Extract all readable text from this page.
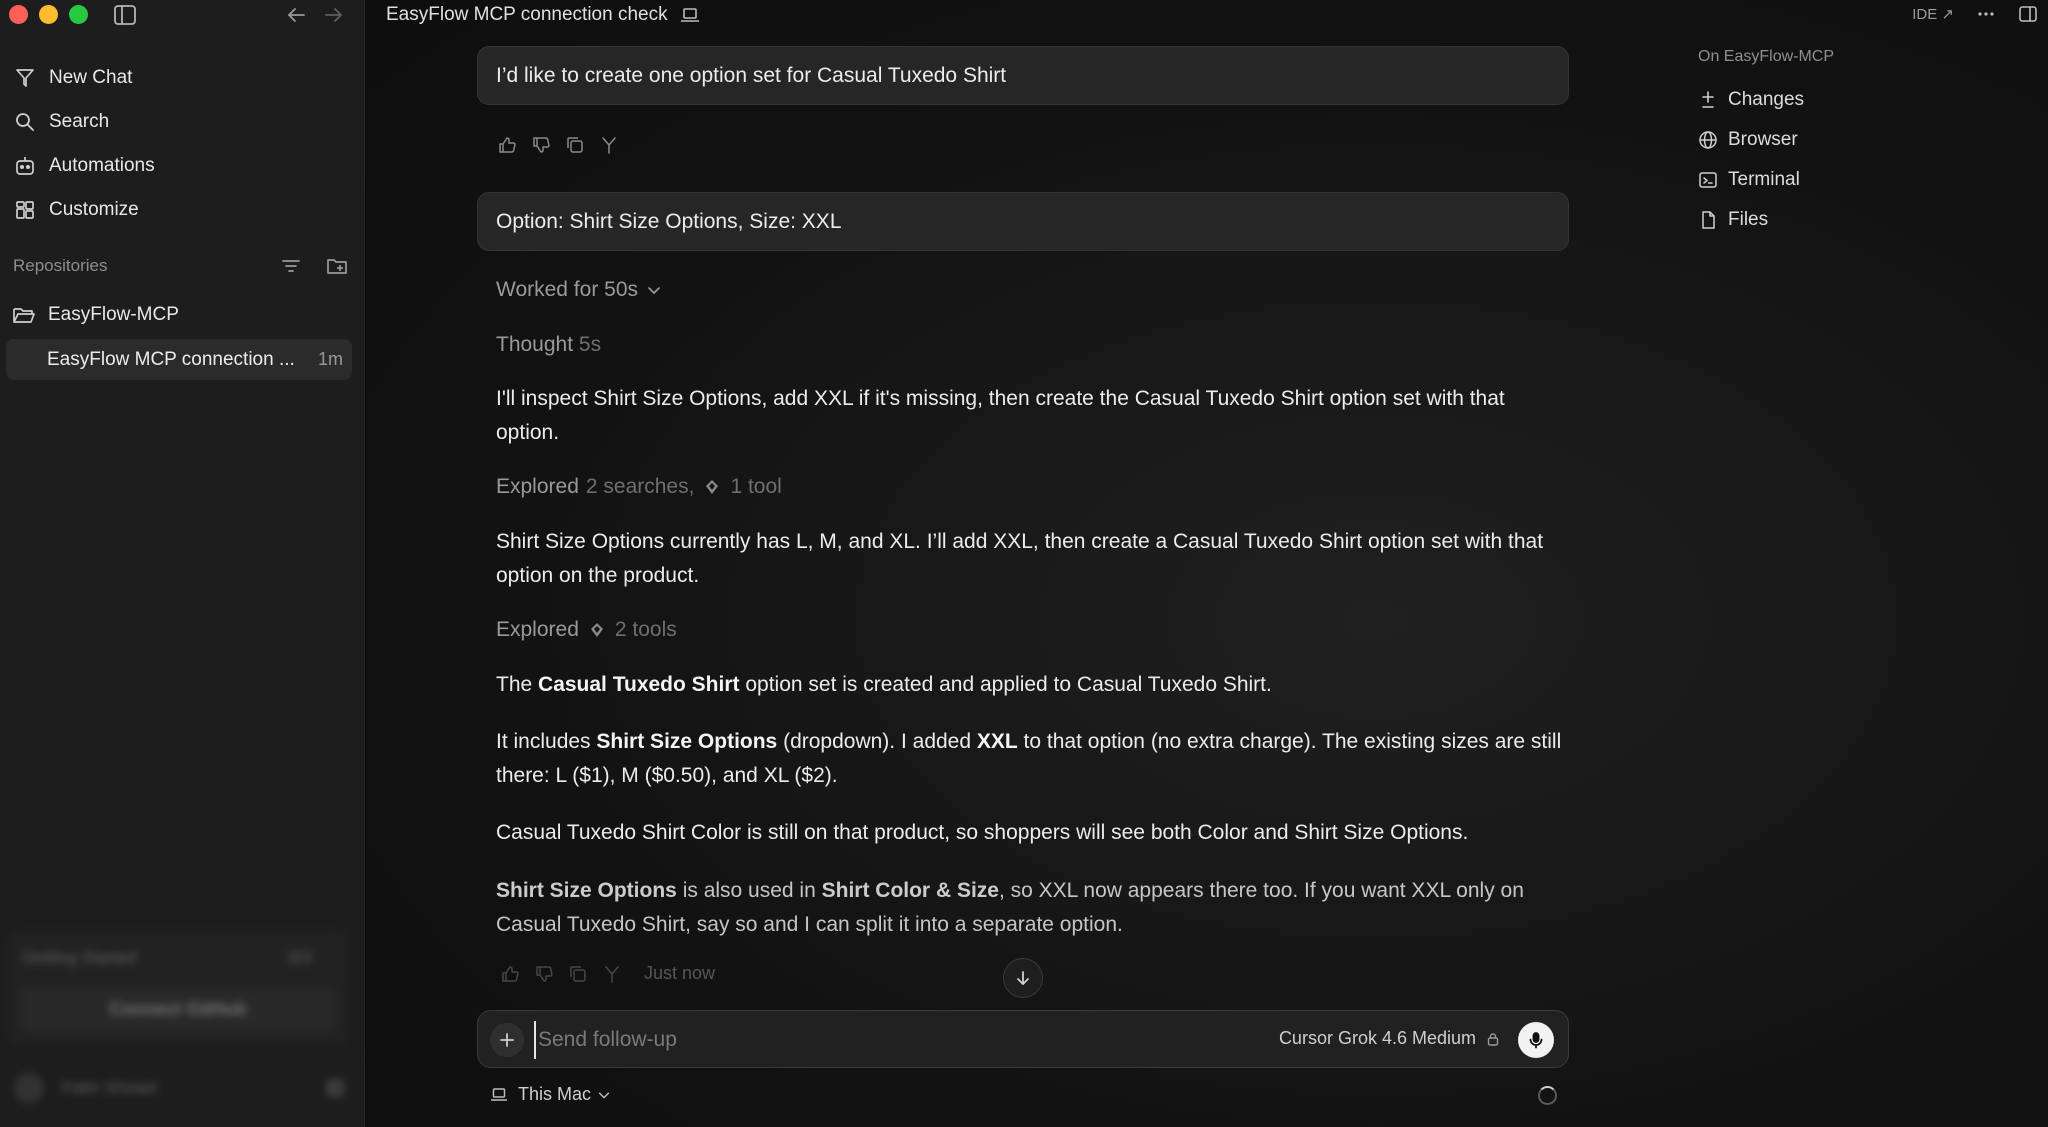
New Chat
Search
Automations
Customize
Repositories
EasyFlow-MCP
EasyFlow MCP connection ...	1m
Getting Started	0/3
Connect GitHub
Fatin Shoaei
EasyFlow MCP connection check	IDE ↗
I’d like to create one option set for Casual Tuxedo Shirt
Option: Shirt Size Options, Size: XXL
Worked for 50s
Thought 5s
I'll inspect Shirt Size Options, add XXL if it's missing, then create the Casual Tuxedo Shirt option set with that option.
Explored 2 searches, 1 tool
Shirt Size Options currently has L, M, and XL. I’ll add XXL, then create a Casual Tuxedo Shirt option set with that option on the product.
Explored 2 tools
The Casual Tuxedo Shirt option set is created and applied to Casual Tuxedo Shirt.
It includes Shirt Size Options (dropdown). I added XXL to that option (no extra charge). The existing sizes are still there: L ($1), M ($0.50), and XL ($2).
Casual Tuxedo Shirt Color is still on that product, so shoppers will see both Color and Shirt Size Options.
Shirt Size Options is also used in Shirt Color & Size, so XXL now appears there too. If you want XXL only on Casual Tuxedo Shirt, say so and I can split it into a separate option.
Just now
Send follow-up
Cursor Grok 4.6 Medium
This Mac
On EasyFlow-MCP
Changes
Browser
Terminal
Files
